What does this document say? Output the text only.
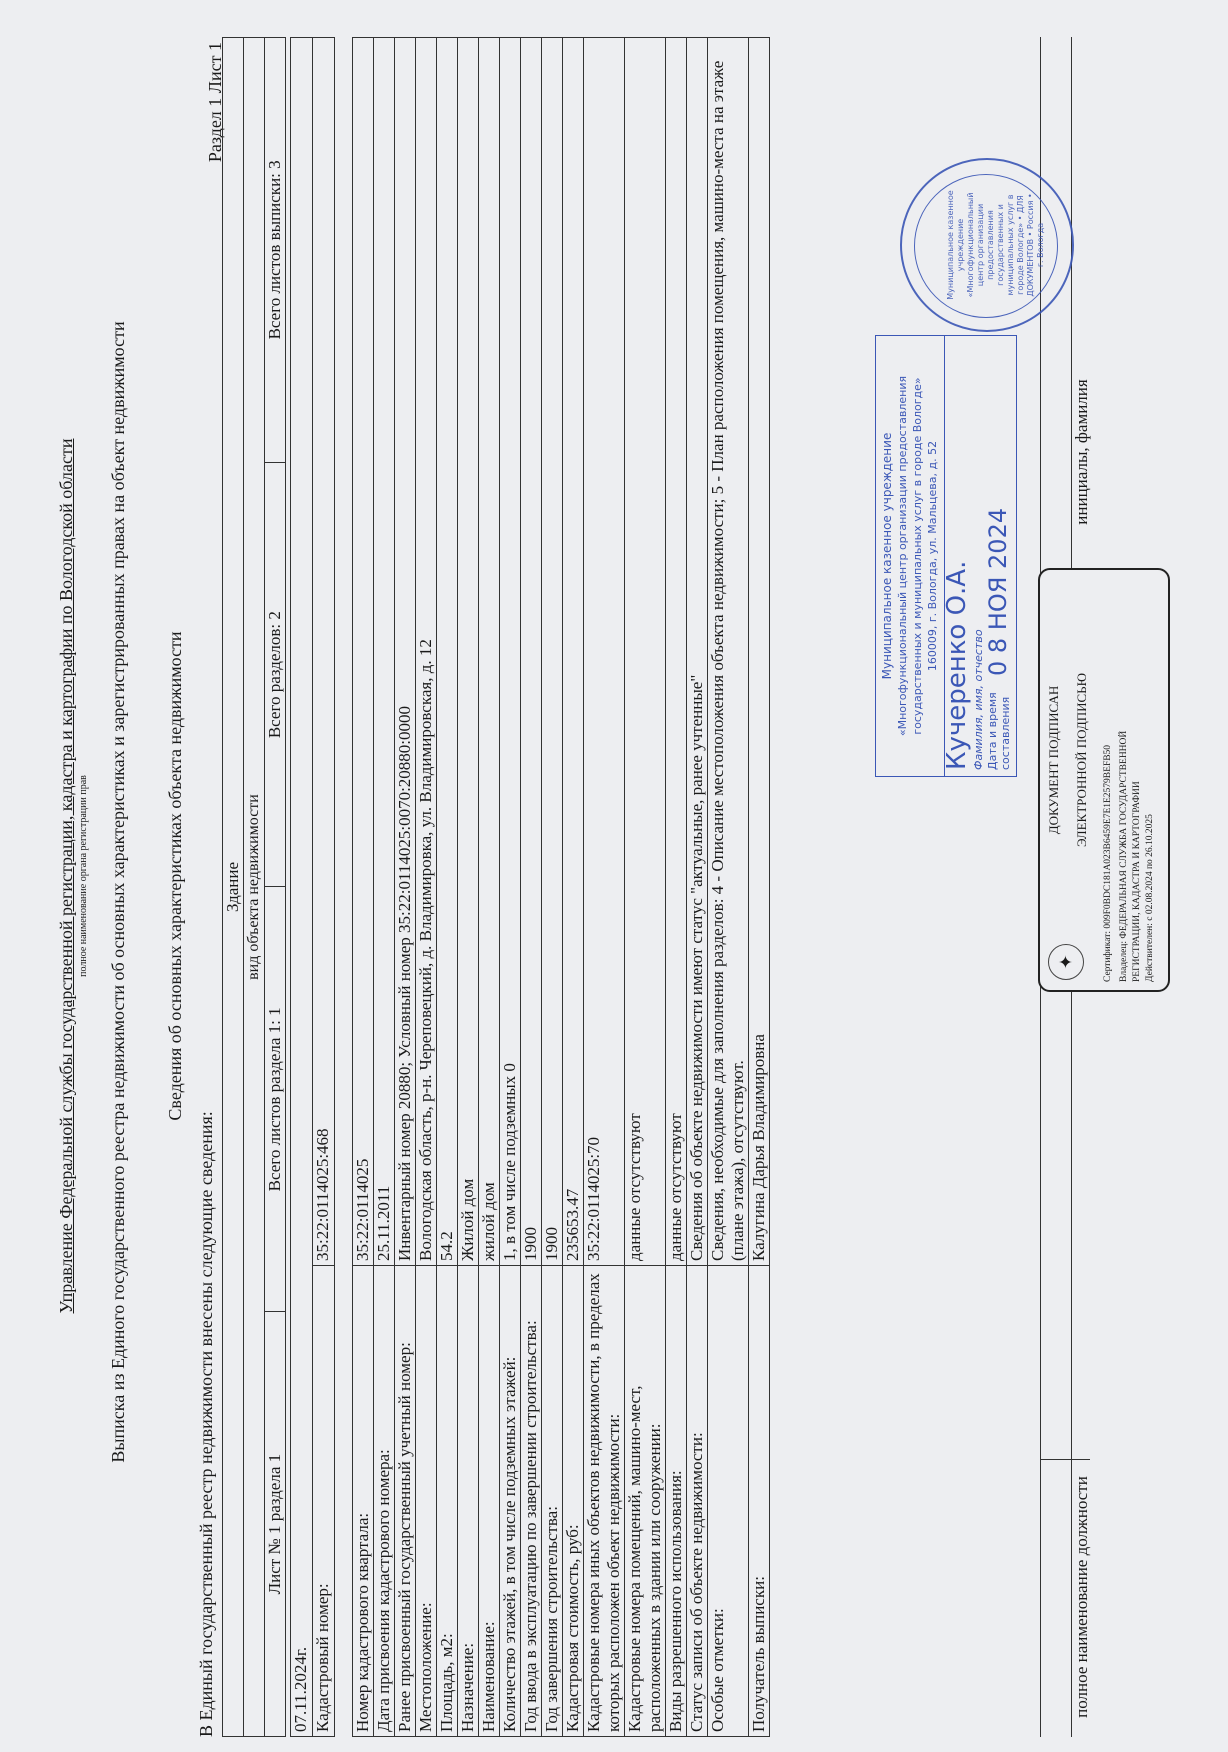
Управление Федеральной службы государственной регистрации, кадастра и картографии по Вологодской области полное наименование органа регистрации прав Выписка из Единого государственного реестра недвижимости об основных характеристиках и зарегистрированных правах на объект недвижимости Сведения об основных характеристиках объекта недвижимости
Раздел 1 Лист 1
В Единый государственный реестр недвижимости внесены следующие сведения:
Здание
вид объекта недвижимости
Лист № 1 раздела 1	Всего листов раздела 1: 1	Всего разделов: 2	Всего листов выписки: 3
07.11.2024г.
Кадастровый номер:	35:22:0114025:468
Номер кадастрового квартала:	35:22:0114025
Дата присвоения кадастрового номера:	25.11.2011
Ранее присвоенный государственный учетный номер:	Инвентарный номер 20880; Условный номер 35:22:0114025:0070:20880:0000
Местоположение:	Вологодская область, р-н. Череповецкий, д. Владимировка, ул. Владимировская, д. 12
Площадь, м2:	54.2
Назначение:	Жилой дом
Наименование:	жилой дом
Количество этажей, в том числе подземных этажей:	1, в том числе подземных 0
Год ввода в эксплуатацию по завершении строительства:	1900
Год завершения строительства:	1900
Кадастровая стоимость, руб:	235653.47
Кадастровые номера иных объектов недвижимости, в пределах которых расположен объект недвижимости:	35:22:0114025:70
Кадастровые номера помещений, машино-мест, расположенных в здании или сооружении:	данные отсутствуют
Виды разрешенного использования:	данные отсутствуют
Статус записи об объекте недвижимости:	Сведения об объекте недвижимости имеют статус "актуальные, ранее учтенные"
Особые отметки:	Сведения, необходимые для заполнения разделов: 4 - Описание местоположения объекта недвижимости; 5 - План расположения помещения, машино-места на этаже (плане этажа), отсутствуют.
Получатель выписки:	Калугина Дарья Владимировна
полное наименование должности
инициалы, фамилия
✦
ДОКУМЕНТ ПОДПИСАН ЭЛЕКТРОННОЙ ПОДПИСЬЮ Сертификат: 009F0BDC181A023B6459E7E1E2579BEFB50 Владелец: ФЕДЕРАЛЬНАЯ СЛУЖБА ГОСУДАРСТВЕННОЙ РЕГИСТРАЦИИ, КАДАСТРА И КАРТОГРАФИИ Действителен: с 02.08.2024 по 26.10.2025
Муниципальное казенное учреждение «Многофункциональный центр организации предоставления государственных и муниципальных услуг в городе Вологде» 160009, г. Вологда, ул. Мальцева, д. 52 Кучеренко О.А. Фамилия, имя, отчество Дата и время составления
0 8 НОЯ 2024
Муниципальное казенное учреждение «Многофункциональный центр организации предоставления государственных и муниципальных услуг в городе Вологде» • ДЛЯ ДОКУМЕНТОВ • Россия • г. Вологда
